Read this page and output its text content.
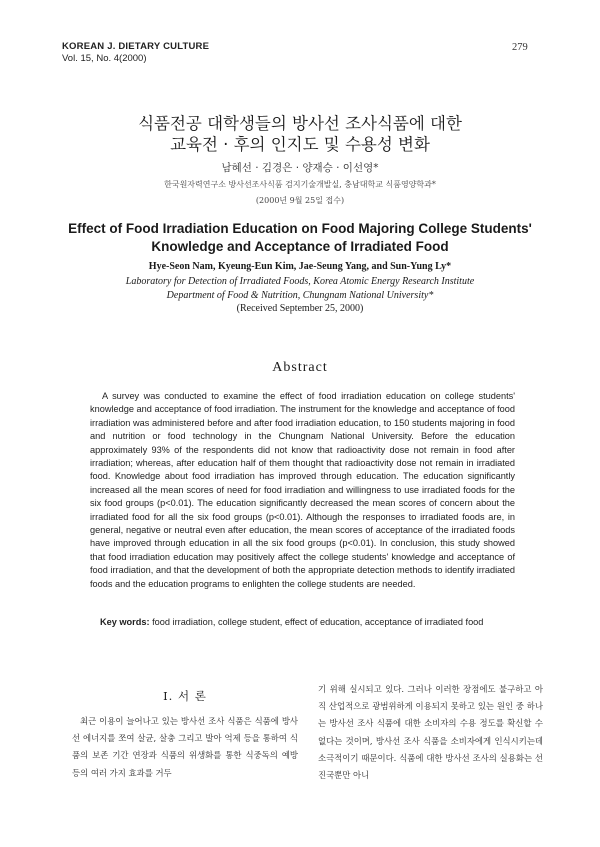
KOREAN J. DIETARY CULTURE
Vol. 15, No. 4(2000)
279
식품전공 대학생들의 방사선 조사식품에 대한
교육전 · 후의 인지도 및 수용성 변화
남혜선 · 김경은 · 양재승 · 이선영*
한국원자력연구소 방사선조사식품 검지기술개발실, 충남대학교 식품영양학과*
(2000년 9월 25일 접수)
Effect of Food Irradiation Education on Food Majoring College Students'
Knowledge and Acceptance of Irradiated Food
Hye-Seon Nam, Kyeung-Eun Kim, Jae-Seung Yang, and Sun-Yung Ly*
Laboratory for Detection of Irradiated Foods, Korea Atomic Energy Research Institute
Department of Food & Nutrition, Chungnam National University*
(Received September 25, 2000)
Abstract
A survey was conducted to examine the effect of food irradiation education on college students' knowledge and acceptance of food irradiation. The instrument for the knowledge and acceptance of food irradiation was administered before and after food irradiation education, to 150 students majoring in food and nutrition or food technology in the Chungnam National University. Before the education approximately 93% of the respondents did not know that radioactivity dose not remain in food after irradiation; whereas, after education half of them thought that radioactivity dose not remain in irradiated food. Knowledge about food irradiation has improved through education. The education significantly increased all the mean scores of need for food irradiation and willingness to use irradiated foods for the six food groups (p<0.01). The education significantly decreased the mean scores of concern about the irradiated food for all the six food groups (p<0.01). Although the responses to irradiated foods are, in general, negative or neutral even after education, the mean scores of acceptance of the irradiated foods have improved through education in all the six food groups (p<0.01). In conclusion, this study showed that food irradiation education may positively affect the college students' knowledge and acceptance of food irradiation, and that the development of both the appropriate detection methods to identify irradiated foods and the education programs to enlighten the college students are needed.
Key words: food irradiation, college student, effect of education, acceptance of irradiated food
I. 서 론
최근 이용이 늘어나고 있는 방사선 조사 식품은 식품에 방사선 에너지를 쪼여 살균, 살충 그리고 발아 억제 등을 통하여 식품의 보존 기간 연장과 식품의 위생화를 통한 식중독의 예방 등의 여러 가지 효과를 거두
기 위해 실시되고 있다. 그러나 이러한 장점에도 불구하고 아직 산업적으로 광범위하게 이용되지 못하고 있는 원인 중 하나는 방사선 조사 식품에 대한 소비자의 수용 정도를 확신할 수 없다는 것이며, 방사선 조사 식품을 소비자에게 인식시키는데 소극적이기 때문이다. 식품에 대한 방사선 조사의 실용화는 선진국뿐만 아니
